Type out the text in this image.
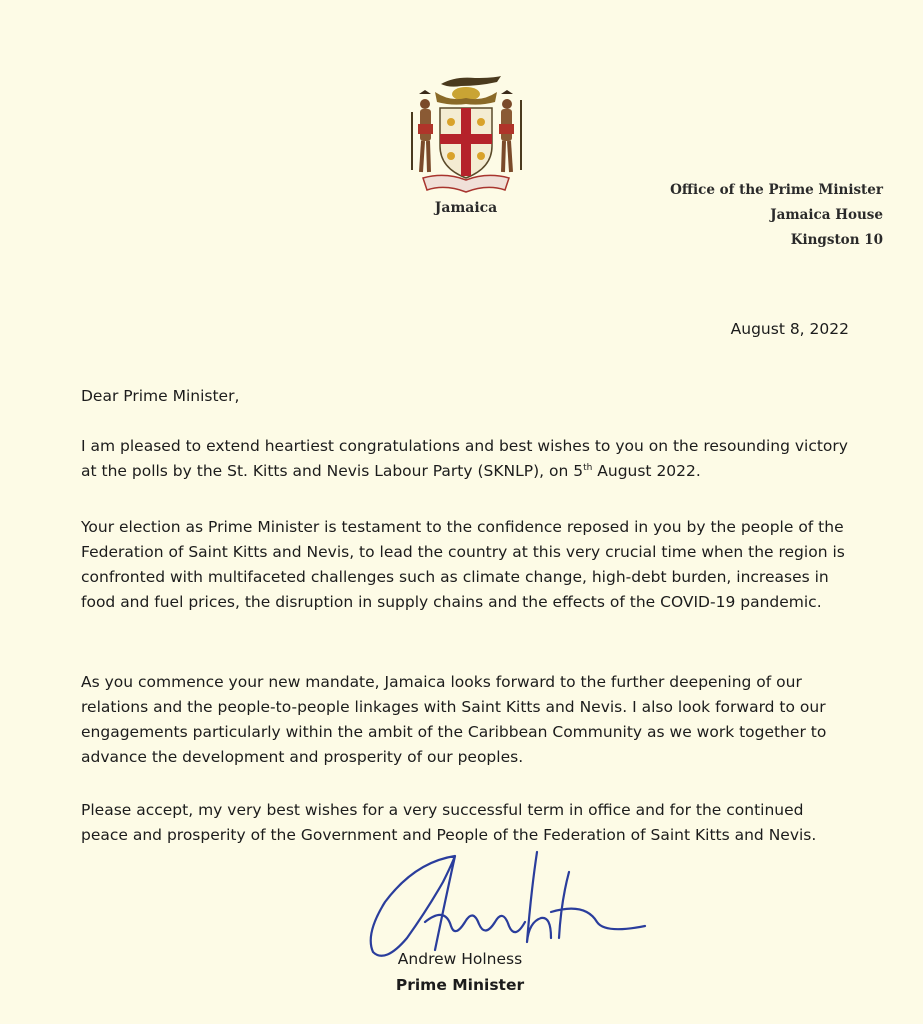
Jamaica
Office of the Prime Minister
Jamaica House
Kingston 10
August 8, 2022
Dear Prime Minister,

I am pleased to extend heartiest congratulations and best wishes to you on the resounding victory at the polls by the St. Kitts and Nevis Labour Party (SKNLP), on 5th August 2022.

Your election as Prime Minister is testament to the confidence reposed in you by the people of the Federation of Saint Kitts and Nevis, to lead the country at this very crucial time when the region is confronted with multifaceted challenges such as climate change, high-debt burden, increases in food and fuel prices, the disruption in supply chains and the effects of the COVID-19 pandemic.

As you commence your new mandate, Jamaica looks forward to the further deepening of our relations and the people-to-people linkages with Saint Kitts and Nevis. I also look forward to our engagements particularly within the ambit of the Caribbean Community as we work together to advance the development and prosperity of our peoples.

Please accept, my very best wishes for a very successful term in office and for the continued peace and prosperity of the Government and People of the Federation of Saint Kitts and Nevis.

Andrew Holness
Prime Minister
